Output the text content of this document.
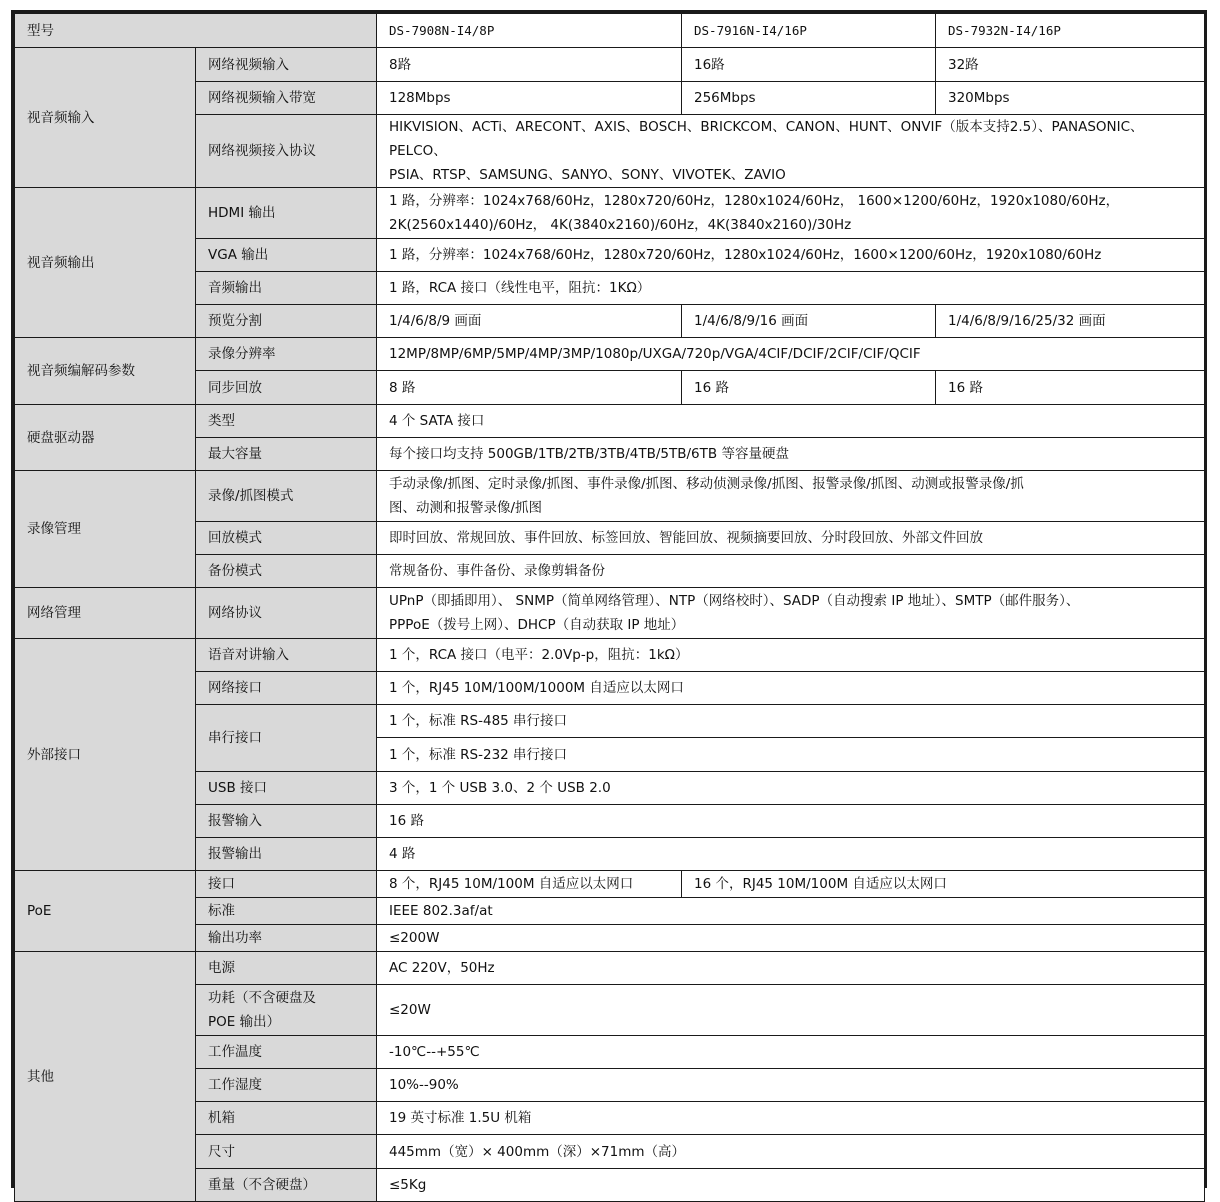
型号		DS-7908N-I4/8P	DS-7916N-I4/16P	DS-7932N-I4/16P
视音频输入	网络视频输入	8路	16路	32路
	网络视频输入带宽	128Mbps	256Mbps	320Mbps
	网络视频接入协议	HIKVISION、ACTi、ARECONT、AXIS、BOSCH、BRICKCOM、CANON、HUNT、ONVIF（版本支持2.5）、PANASONIC、PELCO、
PSIA、RTSP、SAMSUNG、SANYO、SONY、VIVOTEK、ZAVIO		

视音频输出	HDMI 输出	1 路，分辨率：1024x768/60Hz，1280x720/60Hz，1280x1024/60Hz， 1600×1200/60Hz，1920x1080/60Hz，
2K(2560x1440)/60Hz， 4K(3840x2160)/60Hz，4K(3840x2160)/30Hz		

	VGA 输出	1 路，分辨率：1024x768/60Hz，1280x720/60Hz，1280x1024/60Hz，1600×1200/60Hz，1920x1080/60Hz		
	音频输出	1 路，RCA 接口（线性电平，阻抗：1KΩ）		
	预览分割	1/4/6/8/9 画面	1/4/6/8/9/16 画面	1/4/6/8/9/16/25/32 画面
视音频编解码参数	录像分辨率	12MP/8MP/6MP/5MP/4MP/3MP/1080p/UXGA/720p/VGA/4CIF/DCIF/2CIF/CIF/QCIF		
	同步回放	8 路	16 路	16 路
硬盘驱动器	类型	4 个 SATA 接口		
	最大容量	每个接口均支持 500GB/1TB/2TB/3TB/4TB/5TB/6TB 等容量硬盘		
录像管理	录像/抓图模式	手动录像/抓图、定时录像/抓图、事件录像/抓图、移动侦测录像/抓图、报警录像/抓图、动测或报警录像/抓
图、动测和报警录像/抓图		

	回放模式	即时回放、常规回放、事件回放、标签回放、智能回放、视频摘要回放、分时段回放、外部文件回放		
	备份模式	常规备份、事件备份、录像剪辑备份		
网络管理	网络协议	UPnP（即插即用）、 SNMP（简单网络管理）、NTP（网络校时）、SADP（自动搜索 IP 地址）、SMTP（邮件服务）、
PPPoE（拨号上网）、DHCP（自动获取 IP 地址）		

外部接口	语音对讲输入	1 个，RCA 接口（电平：2.0Vp-p，阻抗：1kΩ）		
	网络接口	1 个，RJ45 10M/100M/1000M 自适应以太网口		
	串行接口	1 个，标准 RS-485 串行接口		
		1 个，标准 RS-232 串行接口		
	USB 接口	3 个，1 个 USB 3.0、2 个 USB 2.0		
	报警输入	16 路		
	报警输出	4 路		
PoE	接口	8 个，RJ45 10M/100M 自适应以太网口	16 个，RJ45 10M/100M 自适应以太网口	
	标准	IEEE 802.3af/at		
	输出功率	≤200W		
其他	电源	AC 220V，50Hz		

	功耗（不含硬盘及
POE 输出）	≤20W		
	工作温度	-10℃--+55℃		
	工作湿度	10%--90%		
	机箱	19 英寸标准 1.5U 机箱		
	尺寸	445mm（宽）× 400mm（深）×71mm（高）		
	重量（不含硬盘）	≤5Kg		
